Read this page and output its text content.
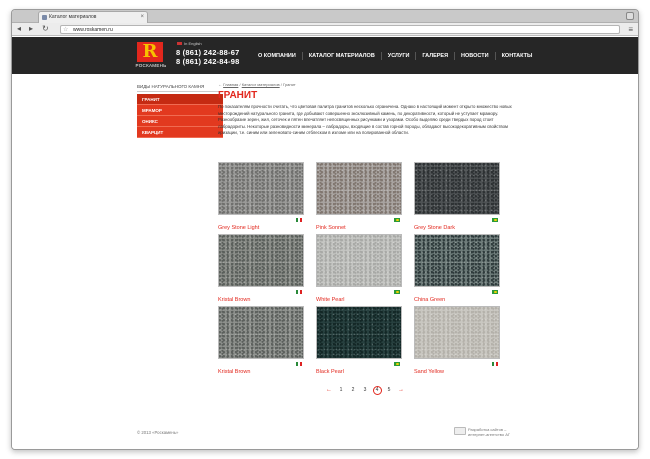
Каталог материалов	×
◂ ▸ ↻ ☆ www.roskamen.ru	≡
R
РОСКАМЕНЬ
In English
8 (861) 242-88-67
8 (861) 242-84-98
О КОМПАНИИ	КАТАЛОГ МАТЕРИАЛОВ	УСЛУГИ	ГАЛЕРЕЯ	НОВОСТИ	КОНТАКТЫ
ВИДЫ НАТУРАЛЬНОГО КАМНЯ
ГРАНИТ
МРАМОР
ОНИКС
КВАРЦИТ
← Главная / Каталог материалов / Гранит
ГРАНИТ
По показателям прочности считать, что цветовая палитра гранитов несколько ограничена. Однако в настоящий момент открыто множество новых месторождений натурального гранита, где добывают совершенно эксклюзивный камень, по декоративности, который не уступает мрамору. Разнообразие зерен, жил, сеточек и пятен впечатляет непосвященных рисунками и узорами. Особо выделяю среди твердых пород стоит лабрадориты. Некоторые разновидности минерала – лабрадоры, входящие в состав горной породы, обладают высокодекоративным свойством иризации, т.е. синим или зеленовато-синим отблеском в изломе или на полированной области.
Grey Stone Light	Pink Sonnet	Grey Stone Dark
Kristal Brown	White Pearl	China Green
Kristal Brown	Black Pearl	Sand Yellow
←	1	2	3	4	5	→
© 2013 «Роскамень»
Разработка сайтов –
интернет-агентство АГ
